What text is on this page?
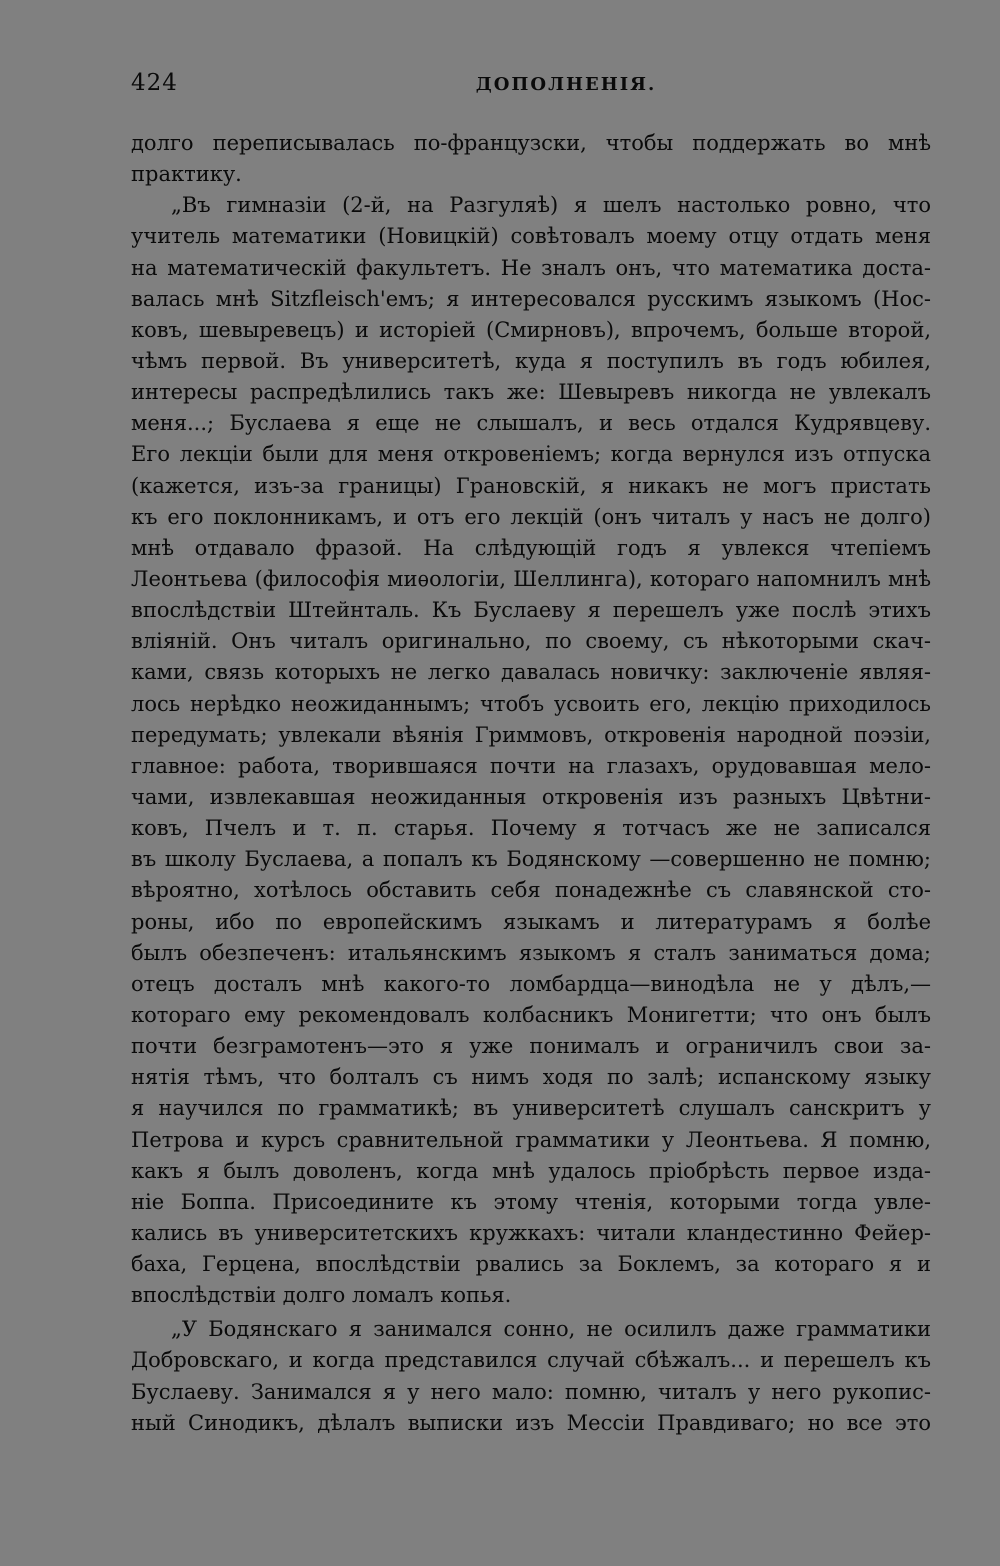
424	ДОПОЛНЕНІЯ.
долго переписывалась по-французски, чтобы поддержать во мнѣ
практику.
„Въ гимназіи (2-й, на Разгуляѣ) я шелъ настолько ровно, что
учитель математики (Новицкій) совѣтовалъ моему отцу отдать меня
на математическій факультетъ. Не зналъ онъ, что математика доста-
валась мнѣ Sitzfleisch'емъ; я интересовался русскимъ языкомъ (Нос-
ковъ, шевыревецъ) и исторіей (Смирновъ), впрочемъ, больше второй,
чѣмъ первой. Въ университетѣ, куда я поступилъ въ годъ юбилея,
интересы распредѣлились такъ же: Шевыревъ никогда не увлекалъ
меня...; Буслаева я еще не слышалъ, и весь отдался Кудрявцеву.
Его лекціи были для меня откровеніемъ; когда вернулся изъ отпуска
(кажется, изъ-за границы) Грановскій, я никакъ не могъ пристать
къ его поклонникамъ, и отъ его лекцій (онъ читалъ у насъ не долго)
мнѣ отдавало фразой. На слѣдующій годъ я увлекся чтепіемъ
Леонтьева (философія миѳологіи, Шеллинга), котораго напомнилъ мнѣ
впослѣдствіи Штейнталь. Къ Буслаеву я перешелъ уже послѣ этихъ
вліяній. Онъ читалъ оригинально, по своему, съ нѣкоторыми скач-
ками, связь которыхъ не легко давалась новичку: заключеніе являя-
лось нерѣдко неожиданнымъ; чтобъ усвоить его, лекцію приходилось
передумать; увлекали вѣянія Гриммовъ, откровенія народной поэзіи,
главное: работа, творившаяся почти на глазахъ, орудовавшая мело-
чами, извлекавшая неожиданныя откровенія изъ разныхъ Цвѣтни-
ковъ, Пчелъ и т. п. старья. Почему я тотчасъ же не записался
въ школу Буслаева, а попалъ къ Бодянскому —совершенно не помню;
вѣроятно, хотѣлось обставить себя понадежнѣе съ славянской сто-
роны, ибо по европейскимъ языкамъ и литературамъ я болѣе
былъ обезпеченъ: итальянскимъ языкомъ я сталъ заниматься дома;
отецъ досталъ мнѣ какого-то ломбардца—винодѣла не у дѣлъ,—
котораго ему рекомендовалъ колбасникъ Монигетти; что онъ былъ
почти безграмотенъ—это я уже понималъ и ограничилъ свои за-
нятія тѣмъ, что болталъ съ нимъ ходя по залѣ; испанскому языку
я научился по грамматикѣ; въ университетѣ слушалъ санскритъ у
Петрова и курсъ сравнительной грамматики у Леонтьева. Я помню,
какъ я былъ доволенъ, когда мнѣ удалось пріобрѣсть первое изда-
ніе Боппа. Присоедините къ этому чтенія, которыми тогда увле-
кались въ университетскихъ кружкахъ: читали кландестинно Фейер-
баха, Герцена, впослѣдствіи рвались за Боклемъ, за котораго я и
впослѣдствіи долго ломалъ копья.
„У Бодянскаго я занимался сонно, не осилилъ даже грамматики
Добровскаго, и когда представился случай сбѣжалъ... и перешелъ къ
Буслаеву. Занимался я у него мало: помню, читалъ у него рукопис-
ный Синодикъ, дѣлалъ выписки изъ Мессіи Правдиваго; но все это
